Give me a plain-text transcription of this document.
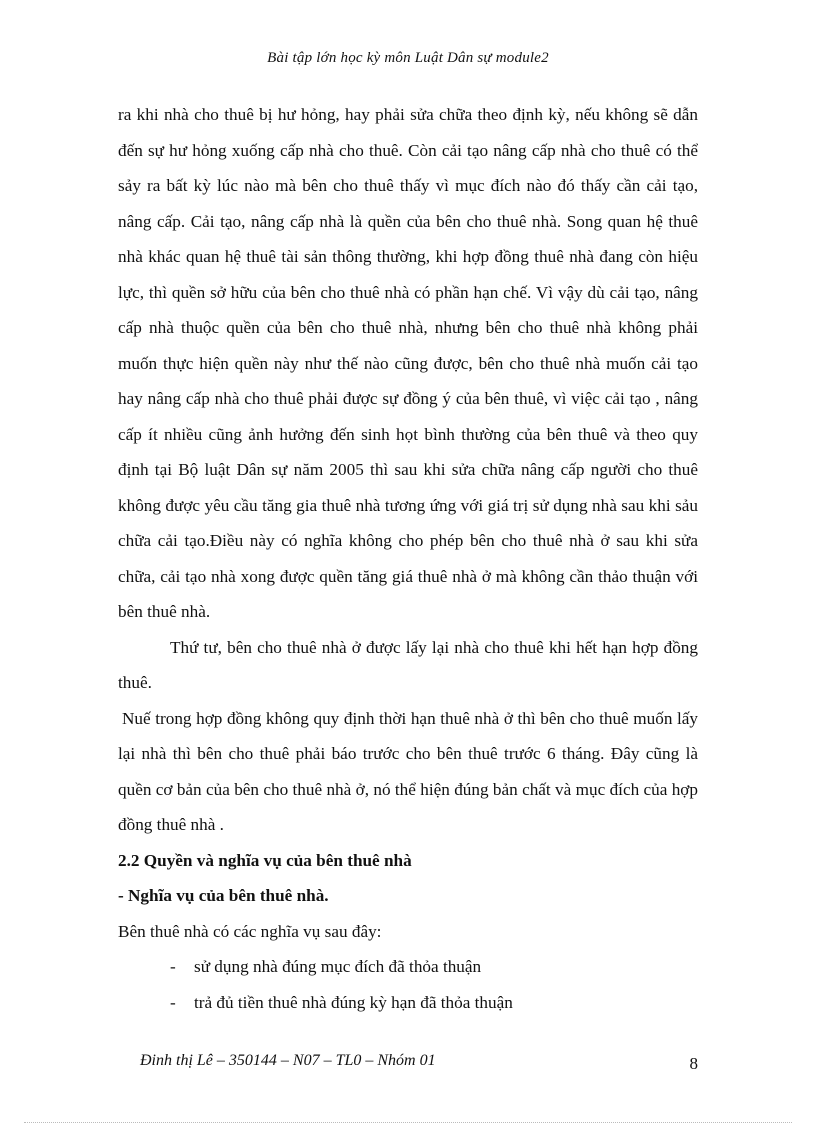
Bài tập lớn học kỳ môn Luật Dân sự module2

ra khi nhà cho thuê bị hư hỏng, hay phải sửa chữa theo định kỳ, nếu không sẽ dẫn đến sự hư hỏng xuống cấp nhà cho thuê. Còn cải tạo nâng cấp nhà cho thuê có thể sảy ra bất kỳ lúc nào mà bên cho thuê thấy vì mục đích nào đó thấy cần cải tạo, nâng cấp. Cải tạo, nâng cấp nhà là quền của bên cho thuê nhà. Song quan hệ thuê nhà khác quan hệ thuê tài sản thông thường, khi hợp đồng thuê nhà đang còn hiệu lực, thì quền sở hữu của bên cho thuê nhà có phần hạn chế. Vì vậy dù cải tạo, nâng cấp nhà thuộc quền của bên cho thuê nhà, nhưng bên cho thuê nhà không phải muốn thực hiện quền này như thế nào cũng được, bên cho thuê nhà muốn cải tạo hay nâng cấp nhà cho thuê phải được sự đồng ý của bên thuê, vì việc cải tạo , nâng cấp ít nhiều cũng ảnh hưởng đến sinh họt bình thường của bên thuê và theo quy định tại Bộ luật Dân sự năm 2005 thì sau khi sửa chữa nâng cấp người cho thuê không được yêu cầu tăng gia thuê nhà tương ứng với giá trị sử dụng nhà sau khi sảu chữa cải tạo.Điều này có nghĩa không cho phép bên cho thuê nhà ở sau khi sửa chữa, cải tạo nhà xong được quền tăng giá thuê nhà ở mà không cần thảo thuận với bên thuê nhà.

Thứ tư, bên cho thuê nhà ở được lấy lại nhà cho thuê khi hết hạn hợp đồng thuê.

Nuế trong hợp đồng không quy định thời hạn thuê nhà ở thì bên cho thuê muốn lấy lại nhà thì bên cho thuê phải báo trước cho bên thuê trước 6 tháng. Đây cũng là quền cơ bản của bên cho thuê nhà ở, nó thể hiện đúng bản chất và mục đích của hợp đồng thuê nhà .

2.2 Quyền và nghĩa vụ của bên thuê nhà

- Nghĩa vụ của bên thuê nhà.

Bên thuê nhà có các nghĩa vụ sau đây:

- sử dụng nhà đúng mục đích đã thỏa thuận
- trả đủ tiền thuê nhà đúng kỳ hạn đã thỏa thuận
Đinh thị Lê – 350144 – N07 – TL0 – Nhóm 01	8
